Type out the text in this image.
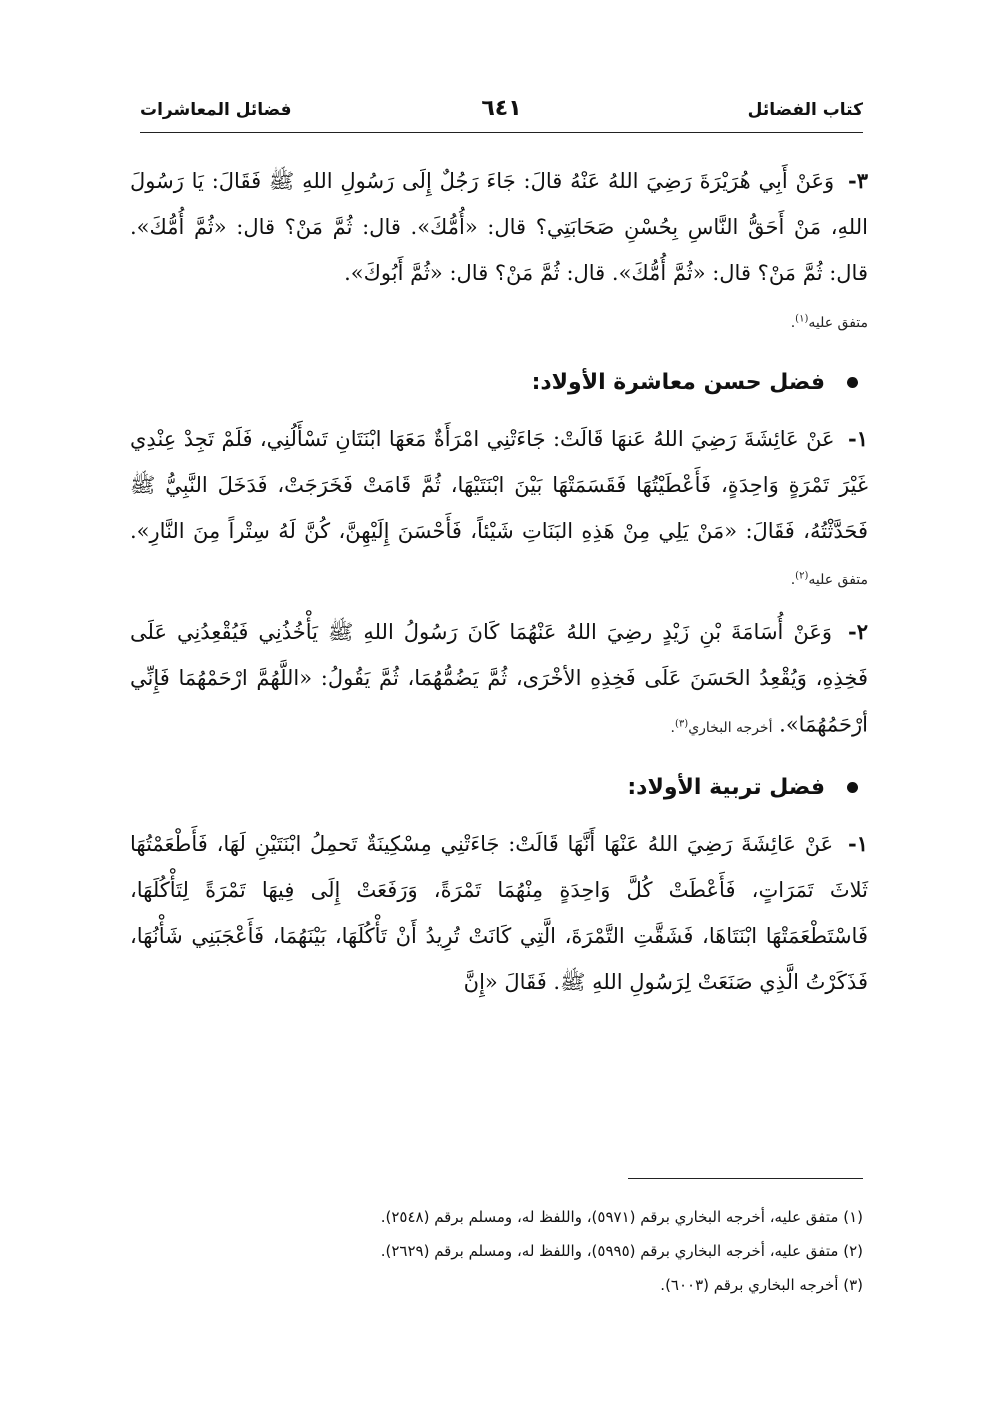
كتاب الفضائل
٦٤١
فضائل المعاشرات

٣- وَعَنْ أَبِي هُرَيْرَةَ رَضِيَ اللهُ عَنْهُ قالَ: جَاءَ رَجُلٌ إِلَى رَسُولِ اللهِ ﷺ فَقَالَ: يَا رَسُولَ اللهِ، مَنْ أَحَقُّ النَّاسِ بِحُسْنِ صَحَابَتِي؟ قال: «أُمُّكَ». قال: ثُمَّ مَنْ؟ قال: «ثُمَّ أُمُّكَ». قال: ثُمَّ مَنْ؟ قال: «ثُمَّ أُمُّكَ». قال: ثُمَّ مَنْ؟ قال: «ثُمَّ أَبُوكَ».
متفق عليه$^{(١)}$.

فضل حسن معاشرة الأولاد:

١- عَنْ عَائِشَةَ رَضِيَ اللهُ عَنهَا قَالَتْ: جَاءَتْنِي امْرَأَةٌ مَعَهَا ابْنَتَانِ تَسْأَلُنِي، فَلَمْ تَجِدْ عِنْدِي غَيْرَ تَمْرَةٍ وَاحِدَةٍ، فَأَعْطَيْتُهَا فَقَسَمَتْهَا بَيْنَ ابْنَتَيْهَا، ثُمَّ قَامَتْ فَخَرَجَتْ، فَدَخَلَ النَّبِيُّ ﷺ فَحَدَّثْتُهُ، فَقَالَ: «مَنْ يَلِي مِنْ هَذِهِ البَنَاتِ شَيْئاً، فَأَحْسَنَ إِلَيْهِنَّ، كُنَّ لَهُ سِتْراً مِنَ النَّارِ». متفق عليه$^{(٢)}$.

٢- وَعَنْ أُسَامَةَ بْنِ زَيْدٍ رضِيَ اللهُ عَنْهُمَا كَانَ رَسُولُ اللهِ ﷺ يَأْخُذُنِي فَيُقْعِدُنِي عَلَى فَخِذِهِ، وَيُقْعِدُ الحَسَنَ عَلَى فَخِذِهِ الأخْرَى، ثُمَّ يَضُمُّهُمَا، ثُمَّ يَقُولُ: «اللَّهُمَّ ارْحَمْهُمَا فَإِنِّي أرْحَمُهُمَا». أخرجه البخاري$^{(٣)}$.

فضل تربية الأولاد:

١- عَنْ عَائِشَةَ رَضِيَ اللهُ عَنْهَا أَنَّهَا قَالَتْ: جَاءَتْنِي مِسْكِينَةٌ تَحمِلُ ابْنَتَيْنِ لَهَا، فَأَطْعَمْتُهَا ثَلاثَ تَمَرَاتٍ، فَأَعْطَتْ كُلَّ وَاحِدَةٍ مِنْهُمَا تَمْرَةً، وَرَفَعَتْ إِلَى فِيهَا تَمْرَةً لِتَأْكُلَهَا، فَاسْتَطْعَمَتْهَا ابْنَتَاهَا، فَشَقَّتِ التَّمْرَةَ، الَّتِي كَانَتْ تُرِيدُ أَنْ تَأْكُلَهَا، بَيْنَهُمَا، فَأَعْجَبَنِي شَأْنُهَا، فَذَكَرْتُ الَّذِي صَنَعَتْ لِرَسُولِ اللهِ ﷺ. فَقَالَ «إِنَّ

(١) متفق عليه، أخرجه البخاري برقم (٥٩٧١)، واللفظ له، ومسلم برقم (٢٥٤٨).

(٢) متفق عليه، أخرجه البخاري برقم (٥٩٩٥)، واللفظ له، ومسلم برقم (٢٦٢٩).

(٣) أخرجه البخاري برقم (٦٠٠٣).
